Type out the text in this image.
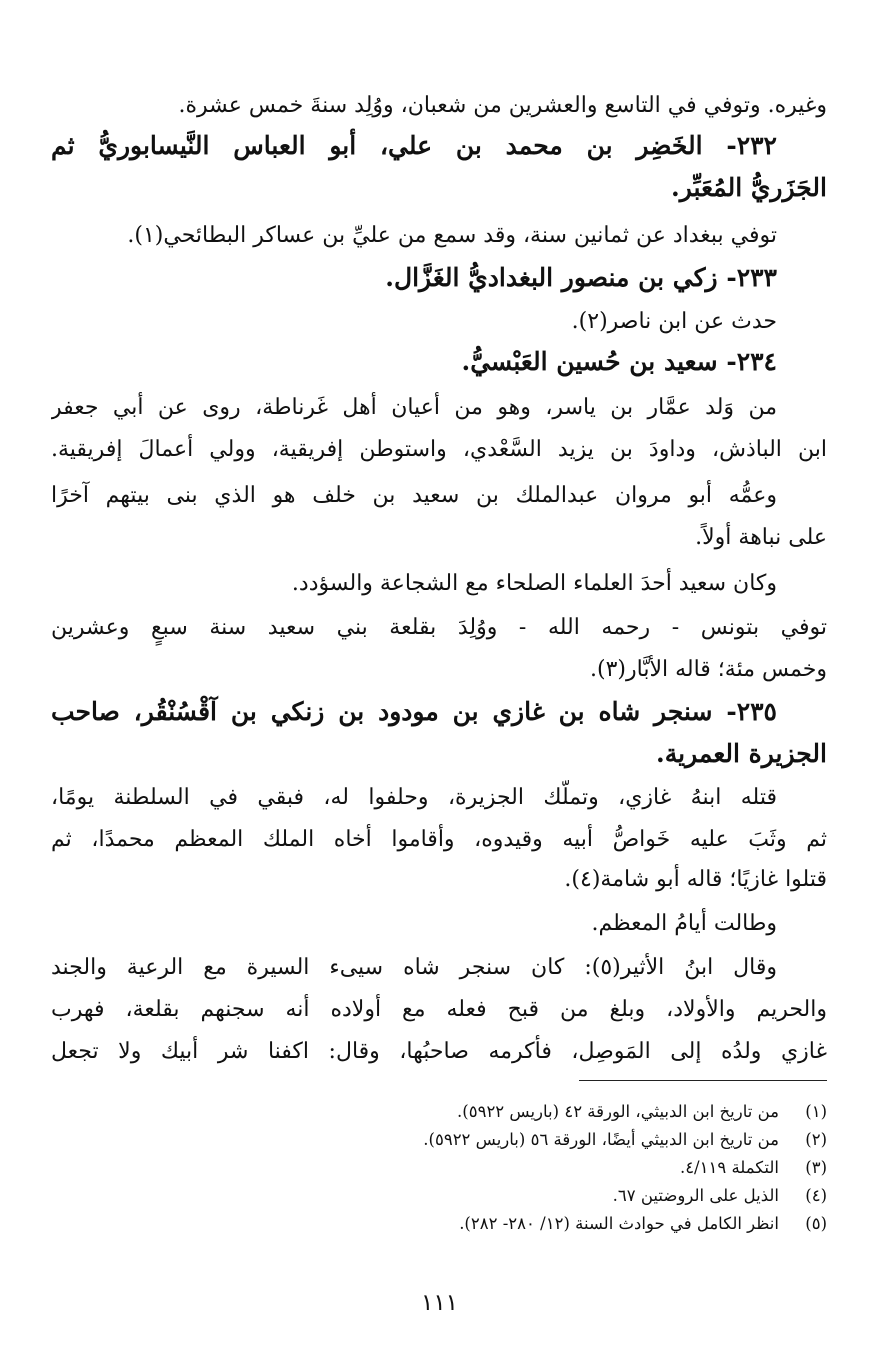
وغيره. وتوفي في التاسع والعشرين من شعبان، ووُلِد سنةَ خمس عشرة.
٢٣٢- الخَضِر بن محمد بن علي، أبو العباس النَّيسابوريُّ ثم
الجَزَريُّ المُعَبِّر.
توفي ببغداد عن ثمانين سنة، وقد سمع من عليِّ بن عساكر البطائحي(١).
٢٣٣- زكي بن منصور البغداديُّ الغَزَّال.
حدث عن ابن ناصر(٢).
٢٣٤- سعيد بن حُسين العَبْسيُّ.
من وَلد عمَّار بن ياسر، وهو من أعيان أهل غَرناطة، روى عن أبي جعفر
ابن الباذش، وداودَ بن يزيد السَّعْدي، واستوطن إفريقية، وولي أعمالَ إفريقية.
وعمُّه أبو مروان عبدالملك بن سعيد بن خلف هو الذي بنى بيتهم آخرًا
على نباهة أولاً.
وكان سعيد أحدَ العلماء الصلحاء مع الشجاعة والسؤدد.
توفي بتونس - رحمه الله - ووُلِدَ بقلعة بني سعيد سنة سبعٍ وعشرين
وخمس مئة؛ قاله الأبَّار(٣).
٢٣٥- سنجر شاه بن غازي بن مودود بن زنكي بن آقْسُنْقُر، صاحب
الجزيرة العمرية.
قتله ابنهُ غازي، وتملَّك الجزيرة، وحلفوا له، فبقي في السلطنة يومًا،
ثم وثَبَ عليه خَواصُّ أبيه وقيدوه، وأقاموا أخاه الملك المعظم محمدًا، ثم
قتلوا غازيًا؛ قاله أبو شامة(٤).
وطالت أيامُ المعظم.
وقال ابنُ الأثير(٥): كان سنجر شاه سيىء السيرة مع الرعية والجند
والحريم والأولاد، وبلغ من قبح فعله مع أولاده أنه سجنهم بقلعة، فهرب
غازي ولدُه إلى المَوصِل، فأكرمه صاحبُها، وقال: اكفنا شر أبيك ولا تجعل
(١)من تاريخ ابن الدبيثي، الورقة ٤٢ (باريس ٥٩٢٢).
(٢)من تاريخ ابن الدبيثي أيضًا، الورقة ٥٦ (باريس ٥٩٢٢).
(٣)التكملة ٤/١١٩.
(٤)الذيل على الروضتين ٦٧.
(٥)انظر الكامل في حوادث السنة (١٢/ ٢٨٠- ٢٨٢).
١١١
